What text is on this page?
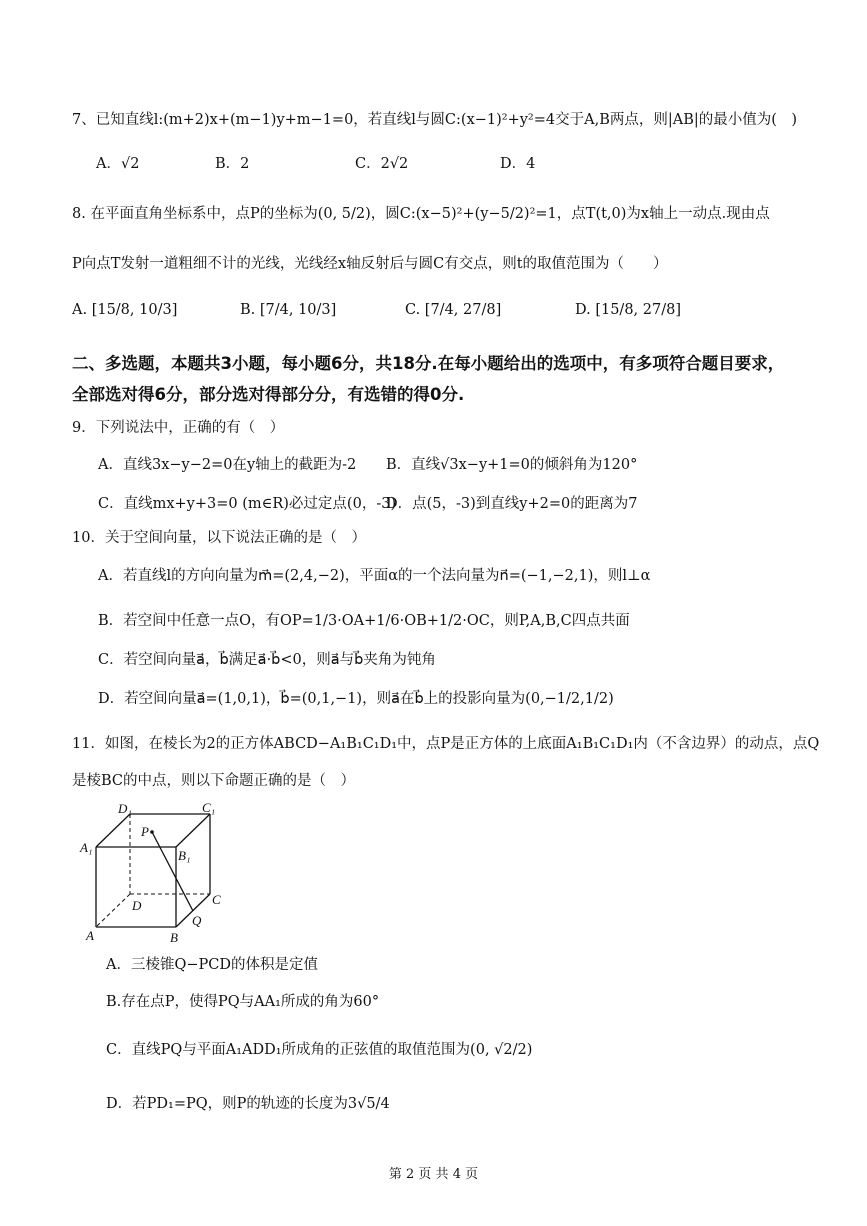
7、已知直线l:(m+2)x+(m−1)y+m−1=0，若直线l与圆C:(x−1)²+y²=4交于A,B两点，则|AB|的最小值为(　)
A．√2	B．2	C．2√2	D．4
8. 在平面直角坐标系中，点P的坐标为(0, 5/2)，圆C:(x−5)²+(y−5/2)²=1，点T(t,0)为x轴上一动点.现由点
P向点T发射一道粗细不计的光线，光线经x轴反射后与圆C有交点，则t的取值范围为（　　）
A. [15/8, 10/3]	B. [7/4, 10/3]	C. [7/4, 27/8]	D. [15/8, 27/8]
二、多选题，本题共3小题，每小题6分，共18分.在每小题给出的选项中，有多项符合题目要求，
全部选对得6分，部分选对得部分分，有选错的得0分.
9．下列说法中，正确的有（　）
A．直线3x−y−2=0在y轴上的截距为-2 B．直线√3x−y+1=0的倾斜角为120°
C．直线mx+y+3=0 (m∈R)必过定点(0，-3)
D．点(5，-3)到直线y+2=0的距离为7
10．关于空间向量，以下说法正确的是（　）
A．若直线l的方向向量为m⃗=(2,4,−2)，平面α的一个法向量为n⃗=(−1,−2,1)，则l⊥α
B．若空间中任意一点O，有OP=1/3·OA+1/6·OB+1/2·OC，则P,A,B,C四点共面
C．若空间向量a⃗，b⃗满足a⃗·b⃗<0，则a⃗与b⃗夹角为钝角
D．若空间向量a⃗=(1,0,1)，b⃗=(0,1,−1)，则a⃗在b⃗上的投影向量为(0,−1/2,1/2)
11．如图，在棱长为2的正方体ABCD−A₁B₁C₁D₁中，点P是正方体的上底面A₁B₁C₁D₁内（不含边界）的动点，点Q
是棱BC的中点，则以下命题正确的是（　）
D₁	C₁
A₁
B₁
P
D	C
A	B
Q
A．三棱锥Q−PCD的体积是定值
B.存在点P，使得PQ与AA₁所成的角为60°
C．直线PQ与平面A₁ADD₁所成角的正弦值的取值范围为(0, √2/2)
D．若PD₁=PQ，则P的轨迹的长度为3√5/4
第 2 页 共 4 页
